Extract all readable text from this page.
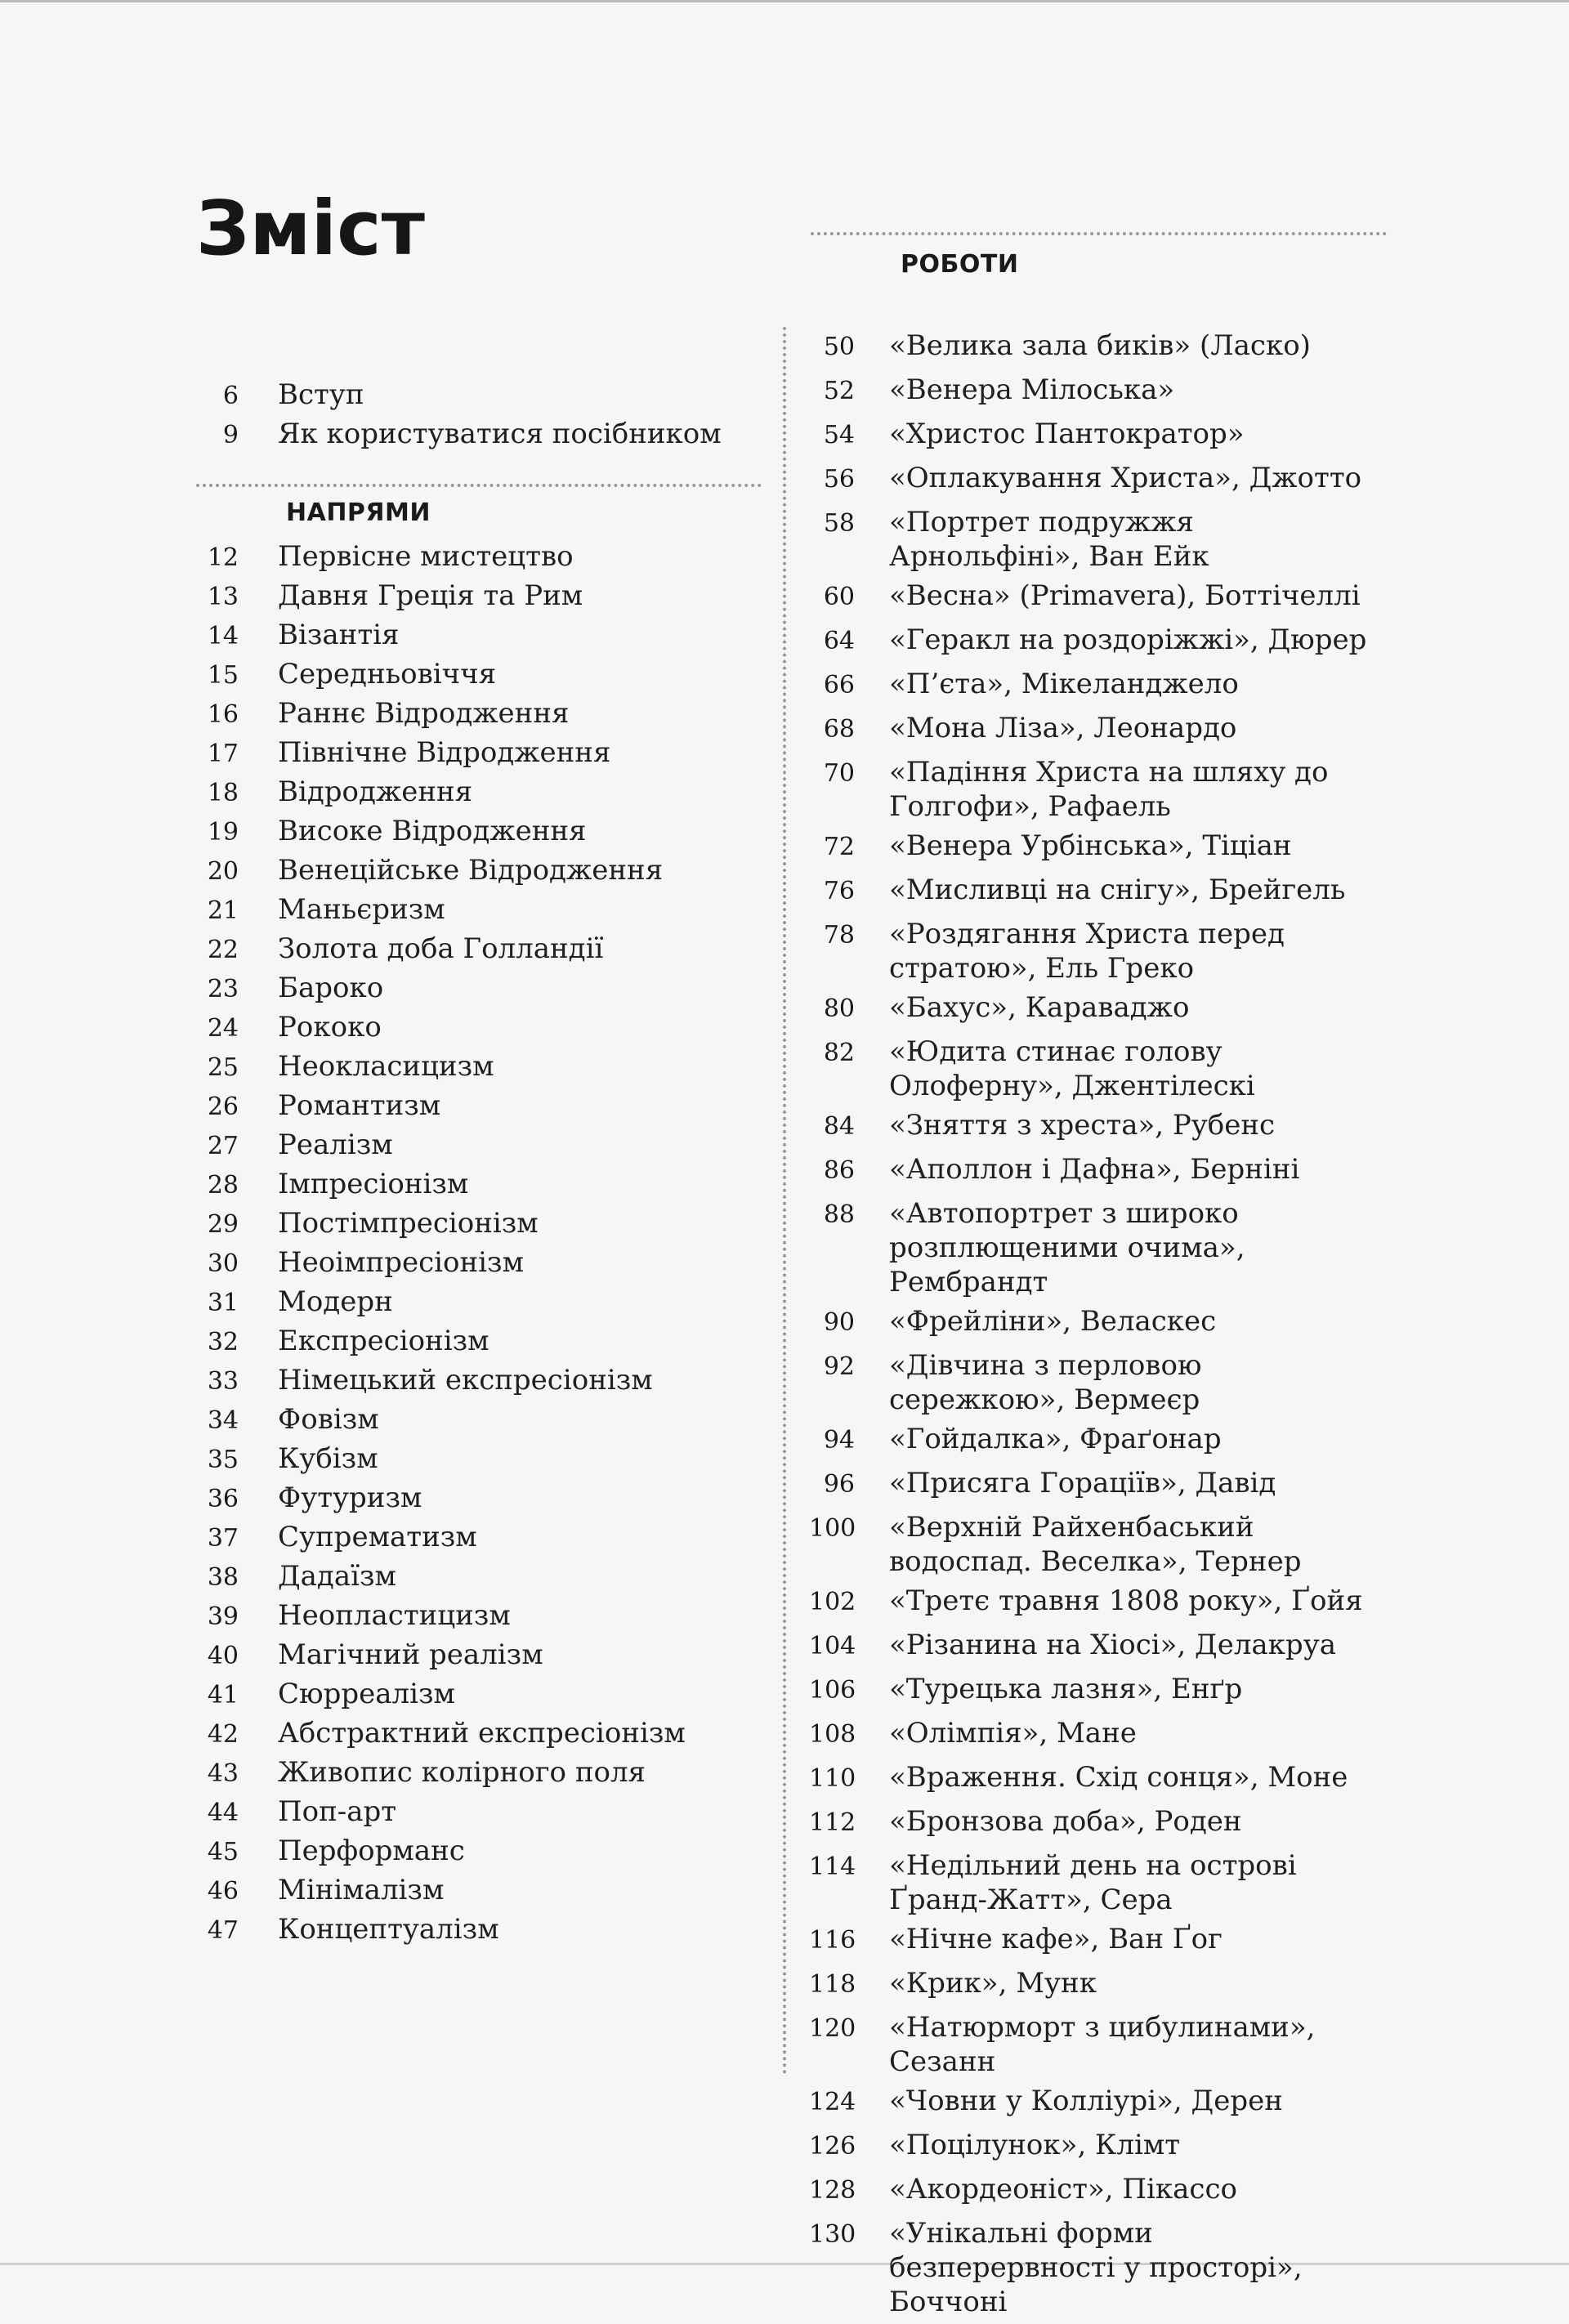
Зміст	РОБОТИ
6 Вступ
9 Як користуватися посібником
НАПРЯМИ
12 Первісне мистецтво
13 Давня Греція та Рим
14 Візантія
15 Середньовіччя
16 Раннє Відродження
17 Північне Відродження
18 Відродження
19 Високе Відродження
20 Венеційське Відродження
21 Маньєризм
22 Золота доба Голландії
23 Бароко
24 Рококо
25 Неокласицизм
26 Романтизм
27 Реалізм
28 Імпресіонізм
29 Постімпресіонізм
30 Неоімпресіонізм
31 Модерн
32 Експресіонізм
33 Німецький експресіонізм
34 Фовізм
35 Кубізм
36 Футуризм
37 Супрематизм
38 Дадаїзм
39 Неопластицизм
40 Магічний реалізм
41 Сюрреалізм
42 Абстрактний експресіонізм
43 Живопис колірного поля
44 Поп-арт
45 Перформанс
46 Мінімалізм
47 Концептуалізм
50 «Велика зала биків» (Ласко)
52 «Венера Мілоська»
54 «Христос Пантократор»
56 «Оплакування Христа», Джотто
58 «Портрет подружжя Арнольфіні», Ван Ейк
60 «Весна» (Primavera), Боттічеллі
64 «Геракл на роздоріжжі», Дюрер
66 «П’єта», Мікеланджело
68 «Мона Ліза», Леонардо
70 «Падіння Христа на шляху до Голгофи», Рафаель
72 «Венера Урбінська», Тіціан
76 «Мисливці на снігу», Брейгель
78 «Роздягання Христа перед стратою», Ель Греко
80 «Бахус», Караваджо
82 «Юдита стинає голову Олоферну», Джентілескі
84 «Зняття з хреста», Рубенс
86 «Аполлон і Дафна», Берніні
88 «Автопортрет з широко розплющеними очима», Рембрандт
90 «Фрейліни», Веласкес
92 «Дівчина з перловою сережкою», Вермеєр
94 «Гойдалка», Фраґонар
96 «Присяга Горацiїв», Давід
100 «Верхній Райхенбаський водоспад. Веселка», Тернер
102 «Третє травня 1808 року», Ґойя
104 «Різанина на Хіосі», Делакруа
106 «Турецька лазня», Енґр
108 «Олімпія», Мане
110 «Враження. Схід сонця», Моне
112 «Бронзова доба», Роден
114 «Недільний день на острові Ґранд-Жатт», Сера
116 «Нічне кафе», Ван Ґог
118 «Крик», Мунк
120 «Натюрморт з цибулинами», Сезанн
124 «Човни у Колліурі», Дерен
126 «Поцілунок», Клімт
128 «Акордеоніст», Пікассо
130 «Унікальні форми безперервності у просторі», Боччоні
